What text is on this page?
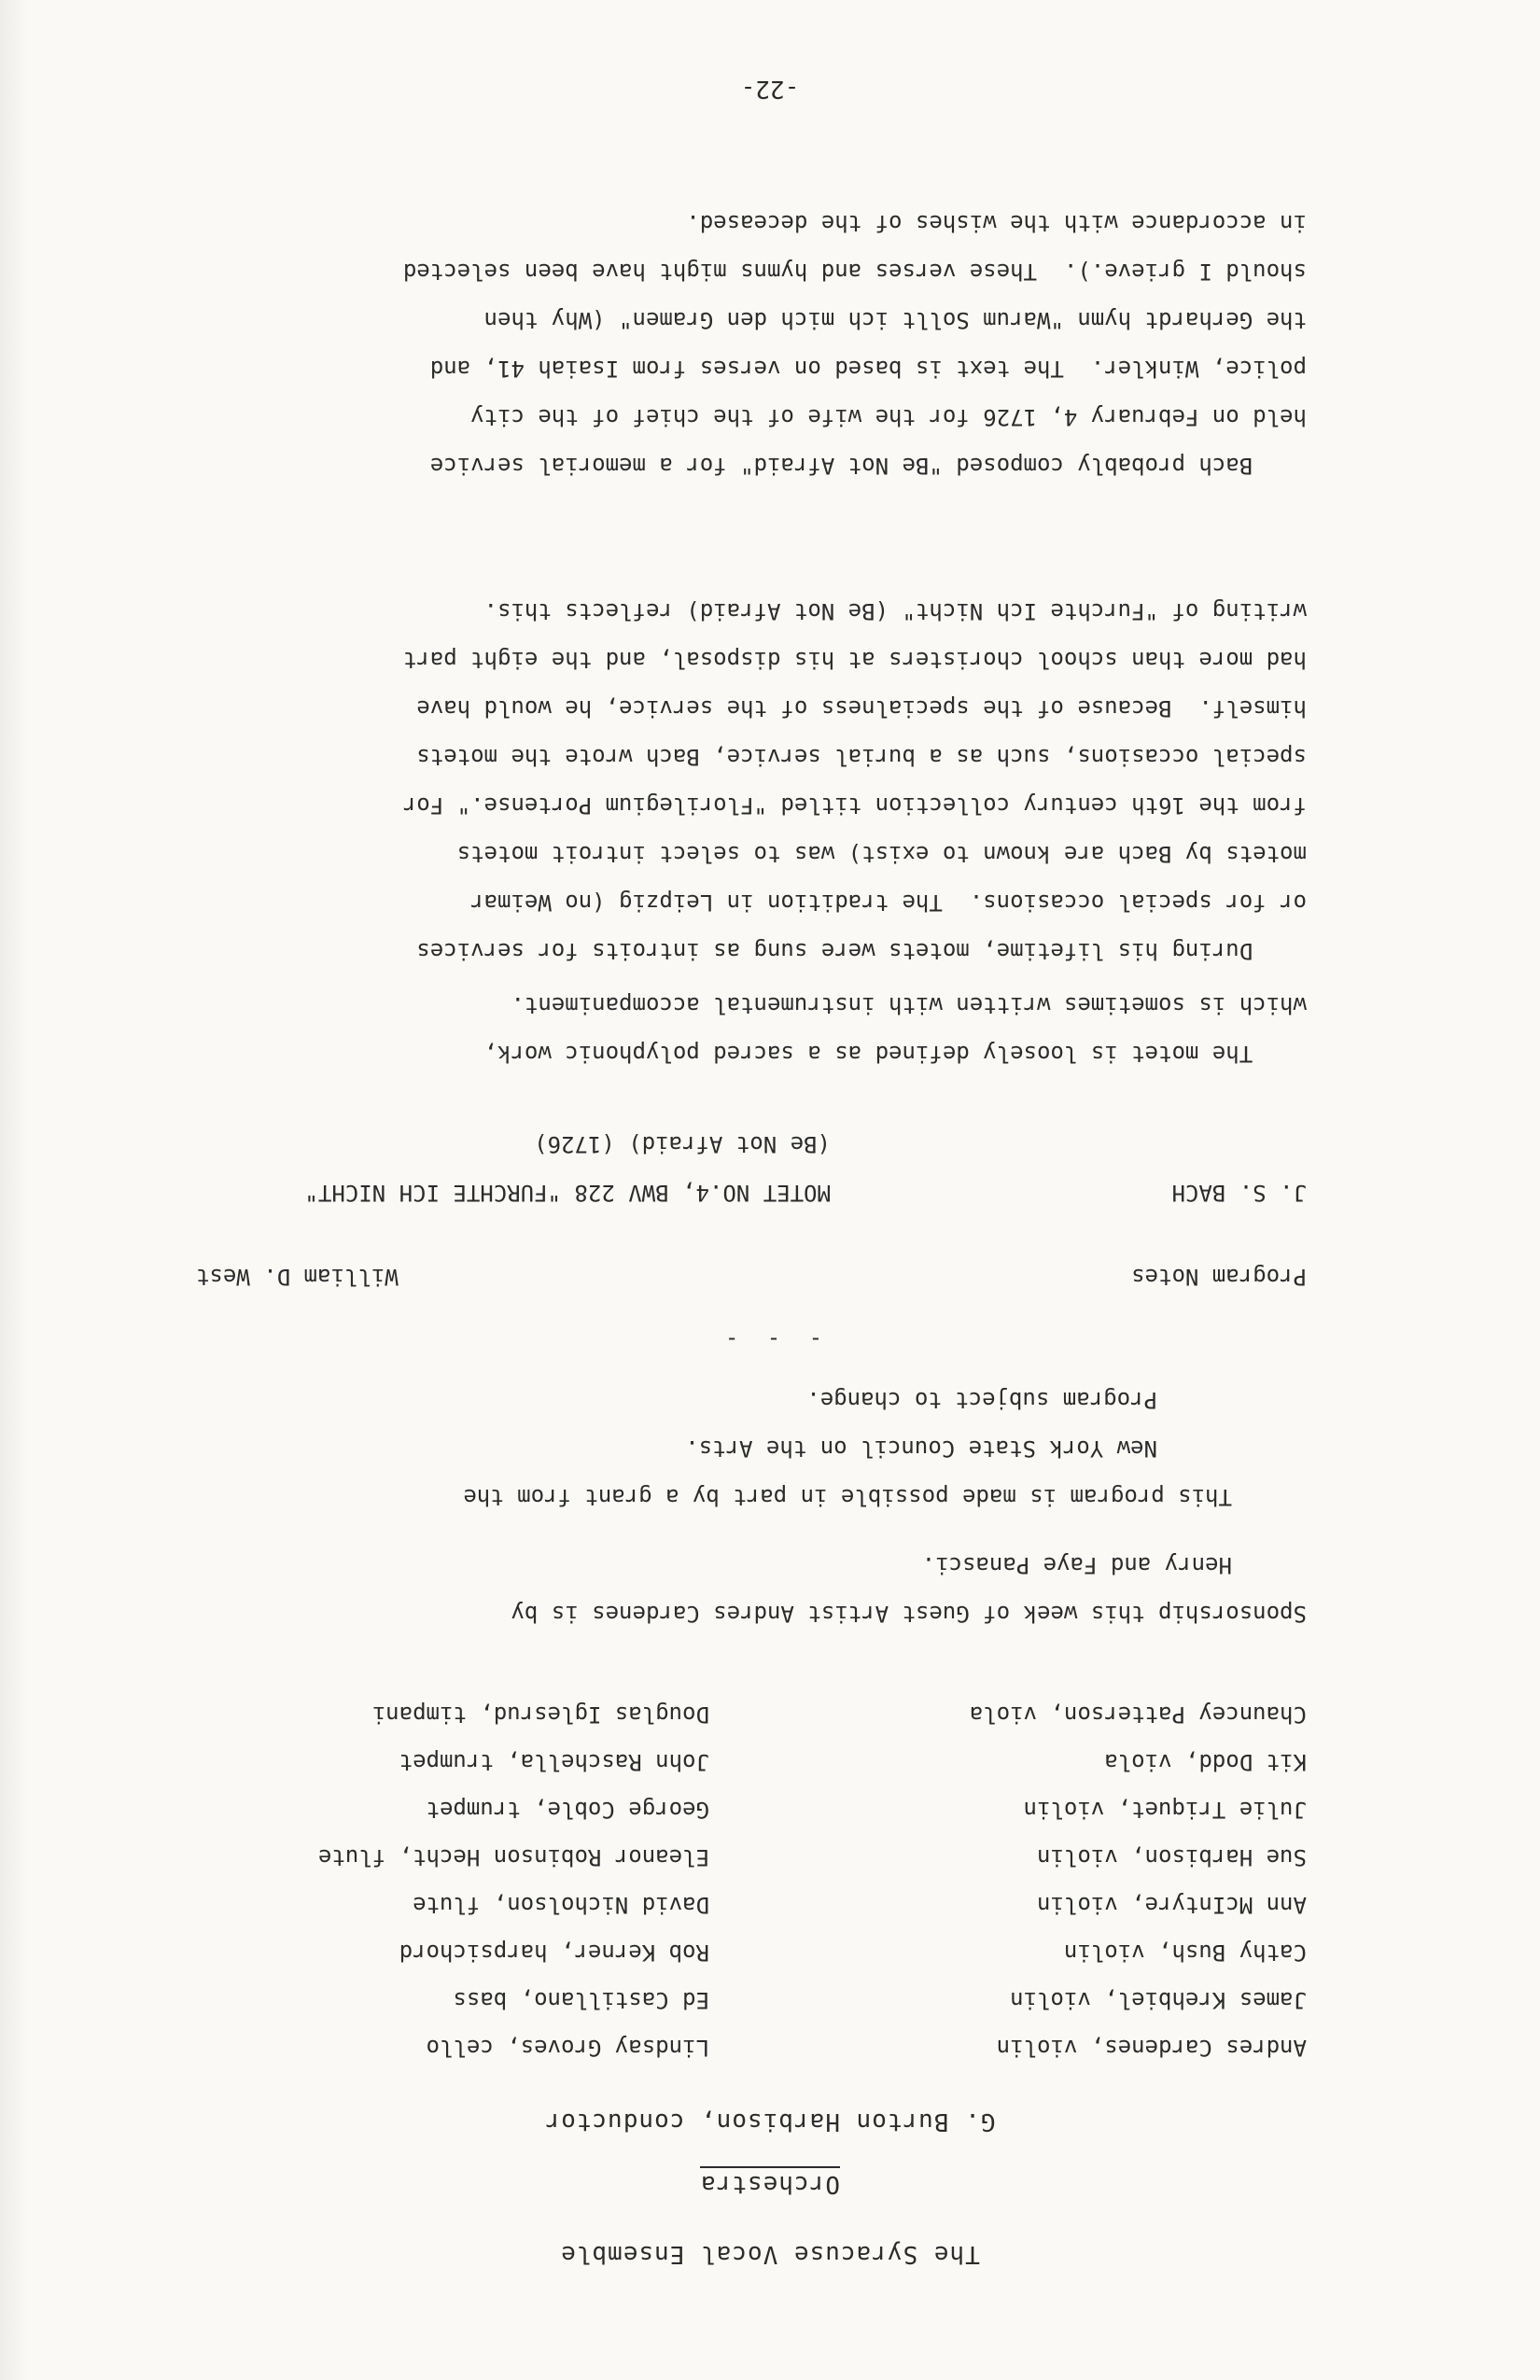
The Syracuse Vocal Ensemble
Orchestra
G. Burton Harbison, conductor
Andres Cardenes, violin
Lindsay Groves, cello
James Krehbiel, violin
Ed Castillano, bass
Cathy Bush, violin
Rob Kerner, harpsichord
Ann McIntyre, violin
David Nicholson, flute
Sue Harbison, violin
Eleanor Robinson Hecht, flute
Julie Triquet, violin
George Coble, trumpet
Kit Dodd, viola
John Raschella, trumpet
Chauncey Patterson, viola
Douglas Iglesrud, timpani
Sponsorship this week of Guest Artist Andres Cardenes is by
Henry and Faye Panasci.
This program is made possible in part by a grant from the
New York State Council on the Arts.
Program subject to change.
- - -
Program Notes
William D. West
J. S. BACH
MOTET NO.4, BWV 228 "FURCHTE ICH NICHT"
(Be Not Afraid) (1726)
The motet is loosely defined as a sacred polyphonic work,
which is sometimes written with instrumental accompaniment.
During his lifetime, motets were sung as introits for services
or for special occasions.  The tradition in Leipzig (no Weimar
motets by Bach are known to exist) was to select introit motets
from the 16th century collection titled "Florilegium Portense." For
special occasions, such as a burial service, Bach wrote the motets
himself.  Because of the specialness of the service, he would have
had more than school choristers at his disposal, and the eight part
writing of "Furchte Ich Nicht" (Be Not Afraid) reflects this.
Bach probably composed "Be Not Afraid" for a memorial service
held on February 4, 1726 for the wife of the chief of the city
police, Winkler.  The text is based on verses from Isaiah 41, and
the Gerhardt hymn "Warum Sollt ich mich den Gramen" (Why then
should I grieve.).  These verses and hymns might have been selected
in accordance with the wishes of the deceased.
-22-
